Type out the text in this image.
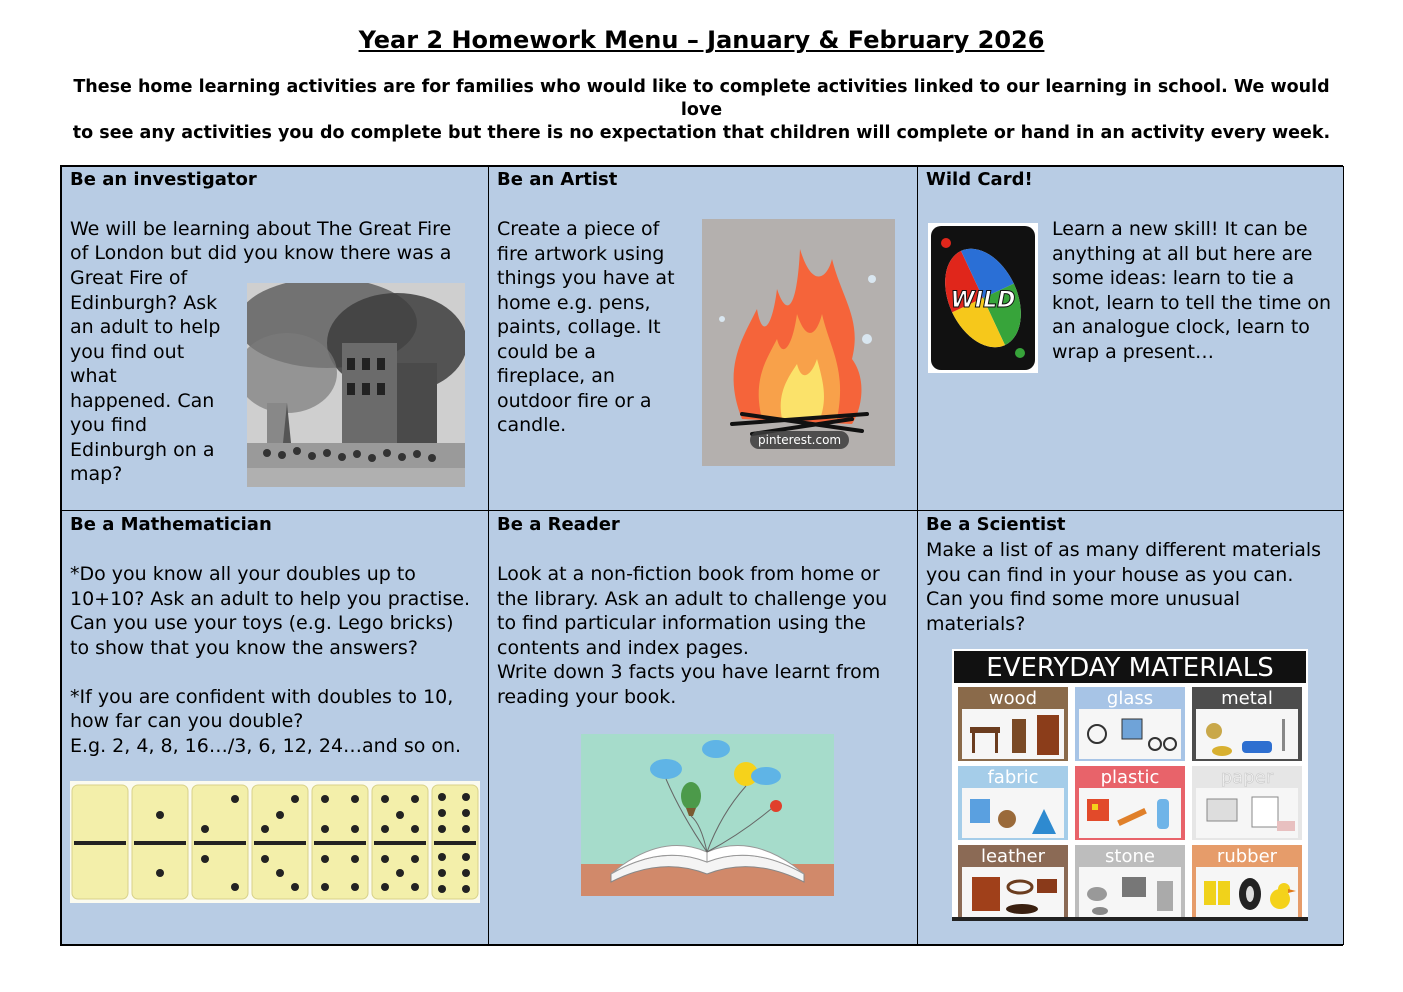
Year 2 Homework Menu – January & February 2026
These home learning activities are for families who would like to complete activities linked to our learning in school. We would love
to see any activities you do complete but there is no expectation that children will complete or hand in an activity every week.
Be an investigator
We will be learning about The Great Fire
of London but did you know there was a
Great Fire of
Edinburgh? Ask
an adult to help
you find out
what
happened. Can
you find
Edinburgh on a
map?
Be an Artist
Create a piece of
fire artwork using
things you have at
home e.g. pens,
paints, collage. It
could be a
fireplace, an
outdoor fire or a
candle.
pinterest.com
Wild Card!
WILD
Learn a new skill! It can be
anything at all but here are
some ideas: learn to tie a
knot, learn to tell the time on
an analogue clock, learn to
wrap a present…
Be a Mathematician
*Do you know all your doubles up to
10+10? Ask an adult to help you practise.
Can you use your toys (e.g. Lego bricks)
to show that you know the answers?

*If you are confident with doubles to 10,
how far can you double?
E.g. 2, 4, 8, 16…/3, 6, 12, 24…and so on.
Be a Reader
Look at a non-fiction book from home or
the library. Ask an adult to challenge you
to find particular information using the
contents and index pages.
Write down 3 facts you have learnt from
reading your book.
Be a Scientist
Make a list of as many different materials
you can find in your house as you can.
Can you find some more unusual
materials?
EVERYDAY MATERIALS
wood	glass	metal
fabric	plastic	paper
leather	stone	rubber
